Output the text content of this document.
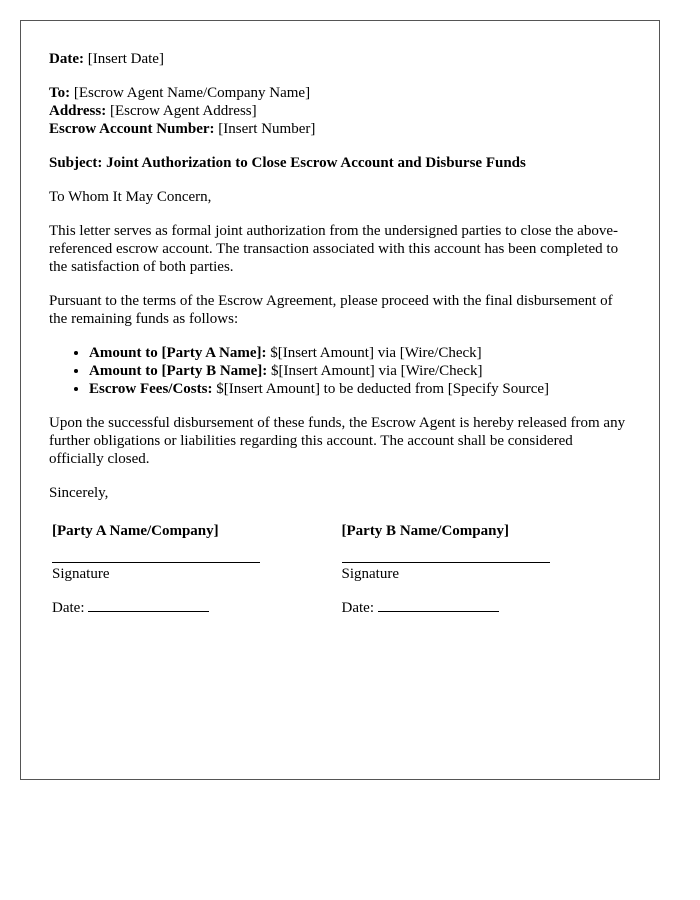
Date: [Insert Date]

To: [Escrow Agent Name/Company Name]
Address: [Escrow Agent Address]
Escrow Account Number: [Insert Number]

Subject: Joint Authorization to Close Escrow Account and Disburse Funds

To Whom It May Concern,

This letter serves as formal joint authorization from the undersigned parties to close the above-referenced escrow account. The transaction associated with this account has been completed to the satisfaction of both parties.

Pursuant to the terms of the Escrow Agreement, please proceed with the final disbursement of the remaining funds as follows:

• Amount to [Party A Name]: $[Insert Amount] via [Wire/Check]
• Amount to [Party B Name]: $[Insert Amount] via [Wire/Check]
• Escrow Fees/Costs: $[Insert Amount] to be deducted from [Specify Source]

Upon the successful disbursement of these funds, the Escrow Agent is hereby released from any further obligations or liabilities regarding this account. The account shall be considered officially closed.

Sincerely,

[Party A Name/Company]
Signature
Date:
[Party B Name/Company]
Signature
Date:
